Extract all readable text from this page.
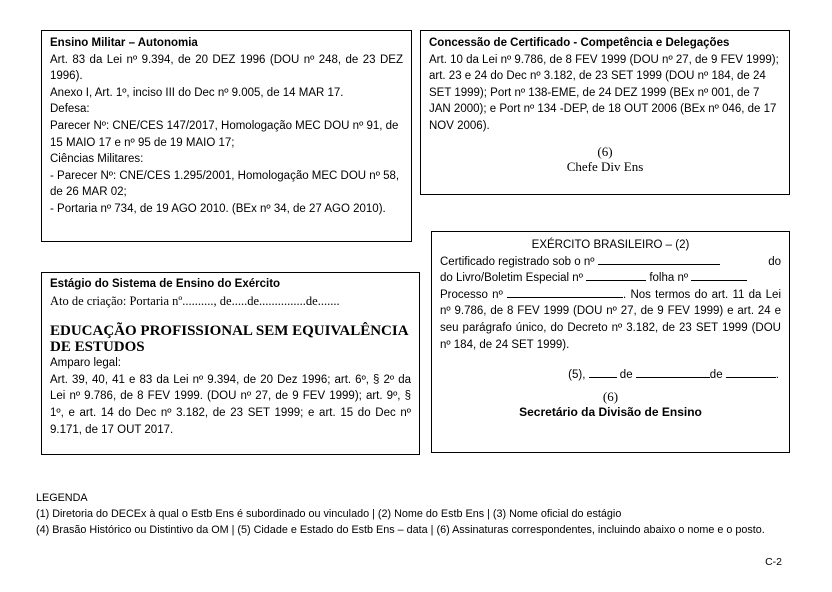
Ensino Militar – Autonomia
Art. 83 da Lei nº 9.394, de 20 DEZ 1996 (DOU nº 248, de 23 DEZ 1996).
Anexo I, Art. 1º, inciso III do Dec nº 9.005, de 14 MAR 17.
Defesa:
Parecer Nº: CNE/CES 147/2017, Homologação MEC DOU nº 91, de 15 MAIO 17 e nº 95 de 19 MAIO 17;
Ciências Militares:
- Parecer Nº: CNE/CES 1.295/2001, Homologação MEC DOU nº 58, de 26 MAR 02;
- Portaria nº 734, de 19 AGO 2010. (BEx nº 34, de 27 AGO 2010).
Concessão de Certificado - Competência e Delegações
Art. 10 da Lei nº 9.786, de 8 FEV 1999 (DOU nº 27, de 9 FEV 1999); art. 23 e 24 do Dec nº 3.182, de 23 SET 1999 (DOU nº 184, de 24 SET 1999); Port nº 138-EME, de 24 DEZ 1999 (BEx nº 001, de 7 JAN 2000); e Port nº 134 -DEP, de 18 OUT 2006 (BEx nº 046, de 17 NOV 2006).
(6)
Chefe Div Ens
EXÉRCITO BRASILEIRO – (2)
Certificado registrado sob o nº	do

do Livro/Boletim Especial nº	folha nº
Processo nº	. Nos termos do art. 11 da Lei nº 9.786, de 8 FEV 1999 (DOU nº 27, de 9 FEV 1999) e art. 24 e seu parágrafo único, do Decreto nº 3.182, de 23 SET 1999 (DOU nº 184, de 24 SET 1999).
(5),	de	de	.
(6)
Secretário da Divisão de Ensino
Estágio do Sistema de Ensino do Exército
Ato de criação: Portaria nº.........., de.....de...............de.......
EDUCAÇÃO PROFISSIONAL SEM EQUIVALÊNCIA DE ESTUDOS
Amparo legal:
Art. 39, 40, 41 e 83 da Lei nº 9.394, de 20 Dez 1996; art. 6º, § 2º da Lei nº 9.786, de 8 FEV 1999. (DOU nº 27, de 9 FEV 1999); art. 9º, § 1º, e art. 14 do Dec nº 3.182, de 23 SET 1999; e art. 15 do Dec nº 9.171, de 17 OUT 2017.
LEGENDA
(1) Diretoria do DECEx à qual o Estb Ens é subordinado ou vinculado | (2) Nome do Estb Ens | (3) Nome oficial do estágio
(4) Brasão Histórico ou Distintivo da OM | (5) Cidade e Estado do Estb Ens – data | (6) Assinaturas correspondentes, incluindo abaixo o nome e o posto.
C-2
